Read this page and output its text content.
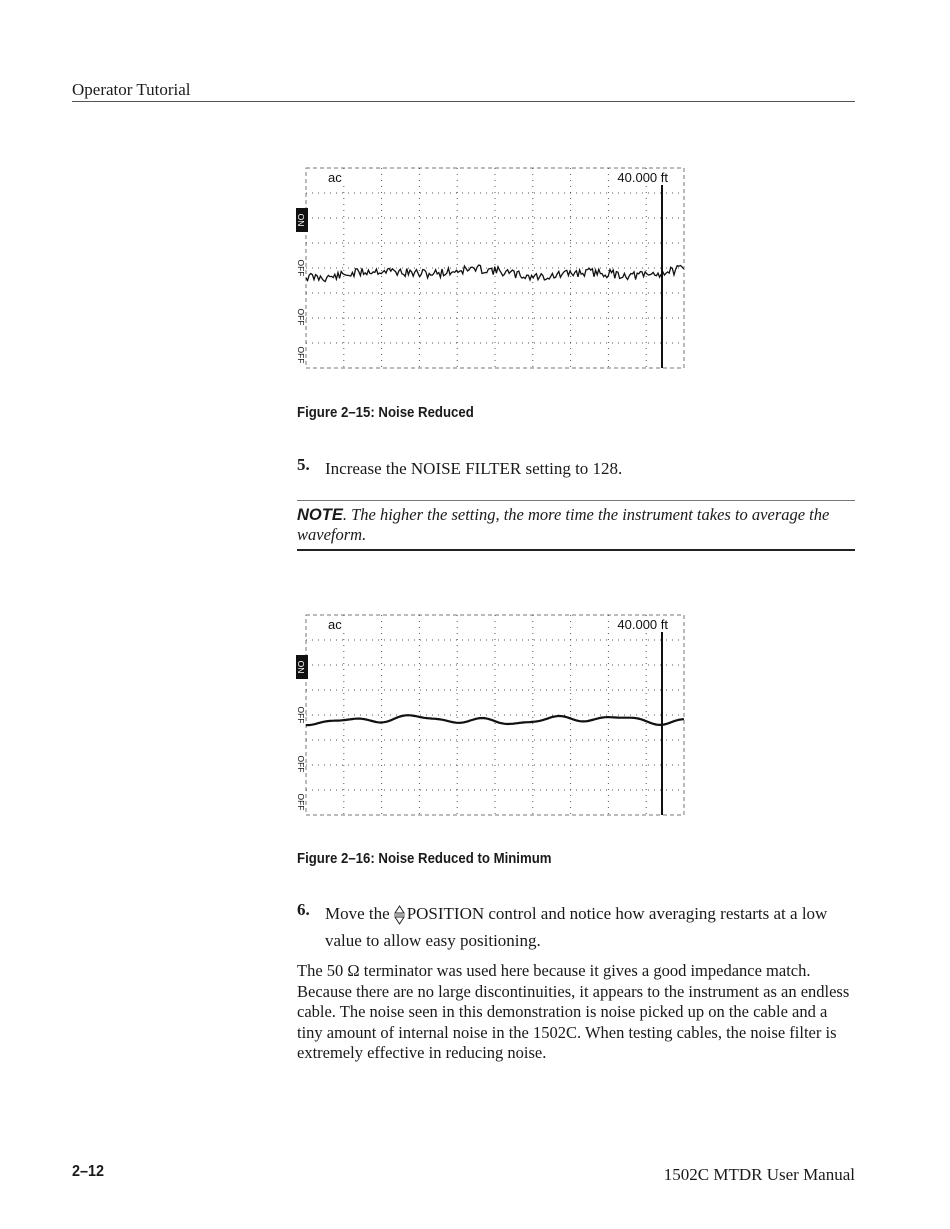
Operator Tutorial
ac	40.000 ft
ON
OFF
OFF
OFF
Figure 2–15: Noise Reduced
5. Increase the NOISE FILTER setting to 128.
NOTE. The higher the setting, the more time the instrument takes to average the waveform.
ac	40.000 ft
ON
OFF
OFF
OFF
Figure 2–16: Noise Reduced to Minimum
6. Move the POSITION control and notice how averaging restarts at a low value to allow easy positioning.
The 50 Ω terminator was used here because it gives a good impedance match. Because there are no large discontinuities, it appears to the instrument as an endless cable. The noise seen in this demonstration is noise picked up on the cable and a tiny amount of internal noise in the 1502C. When testing cables, the noise filter is extremely effective in reducing noise.
2–12	1502C MTDR User Manual
